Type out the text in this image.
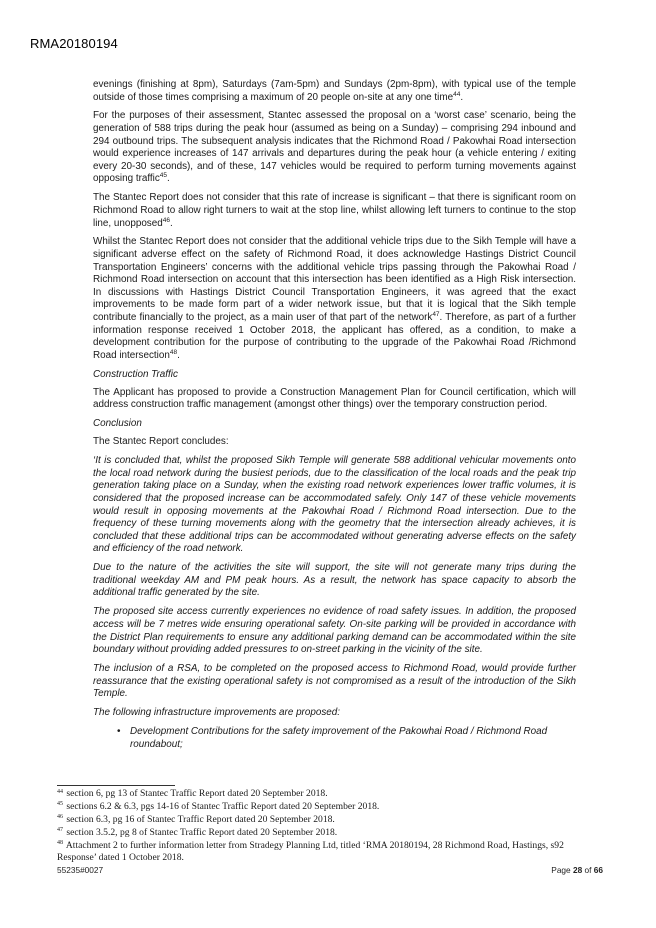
RMA20180194

evenings (finishing at 8pm), Saturdays (7am-5pm) and Sundays (2pm-8pm), with typical use of the temple outside of those times comprising a maximum of 20 people on-site at any one time$^{44}$.

For the purposes of their assessment, Stantec assessed the proposal on a ‘worst case’ scenario, being the generation of 588 trips during the peak hour (assumed as being on a Sunday) – comprising 294 inbound and 294 outbound trips. The subsequent analysis indicates that the Richmond Road / Pakowhai Road intersection would experience increases of 147 arrivals and departures during the peak hour (a vehicle entering / exiting every 20-30 seconds), and of these, 147 vehicles would be required to perform turning movements against opposing traffic$^{45}$.

The Stantec Report does not consider that this rate of increase is significant – that there is significant room on Richmond Road to allow right turners to wait at the stop line, whilst allowing left turners to continue to the stop line, unopposed$^{46}$.

Whilst the Stantec Report does not consider that the additional vehicle trips due to the Sikh Temple will have a significant adverse effect on the safety of Richmond Road, it does acknowledge Hastings District Council Transportation Engineers’ concerns with the additional vehicle trips passing through the Pakowhai Road / Richmond Road intersection on account that this intersection has been identified as a High Risk intersection. In discussions with Hastings District Council Transportation Engineers, it was agreed that the exact improvements to be made form part of a wider network issue, but that it is logical that the Sikh temple contribute financially to the project, as a main user of that part of the network$^{47}$. Therefore, as part of a further information response received 1 October 2018, the applicant has offered, as a condition, to make a development contribution for the purpose of contributing to the upgrade of the Pakowhai Road /Richmond Road intersection$^{48}$.

Construction Traffic

The Applicant has proposed to provide a Construction Management Plan for Council certification, which will address construction traffic management (amongst other things) over the temporary construction period.

Conclusion

The Stantec Report concludes:

‘It is concluded that, whilst the proposed Sikh Temple will generate 588 additional vehicular movements onto the local road network during the busiest periods, due to the classification of the local roads and the peak trip generation taking place on a Sunday, when the existing road network experiences lower traffic volumes, it is considered that the proposed increase can be accommodated safely. Only 147 of these vehicle movements would result in opposing movements at the Pakowhai Road / Richmond Road intersection. Due to the frequency of these turning movements along with the geometry that the intersection already achieves, it is concluded that these additional trips can be accommodated without generating adverse effects on the safety and efficiency of the road network.

Due to the nature of the activities the site will support, the site will not generate many trips during the traditional weekday AM and PM peak hours. As a result, the network has space capacity to absorb the additional traffic generated by the site.

The proposed site access currently experiences no evidence of road safety issues. In addition, the proposed access will be 7 metres wide ensuring operational safety. On-site parking will be provided in accordance with the District Plan requirements to ensure any additional parking demand can be accommodated within the site boundary without providing added pressures to on-street parking in the vicinity of the site.

The inclusion of a RSA, to be completed on the proposed access to Richmond Road, would provide further reassurance that the existing operational safety is not compromised as a result of the introduction of the Sikh Temple.

The following infrastructure improvements are proposed:

• Development Contributions for the safety improvement of the Pakowhai Road / Richmond Road roundabout;
$^{44}$ section 6, pg 13 of Stantec Traffic Report dated 20 September 2018.
$^{45}$ sections 6.2 & 6.3, pgs 14-16 of Stantec Traffic Report dated 20 September 2018.
$^{46}$ section 6.3, pg 16 of Stantec Traffic Report dated 20 September 2018.
$^{47}$ section 3.5.2, pg 8 of Stantec Traffic Report dated 20 September 2018.
$^{48}$ Attachment 2 to further information letter from Stradegy Planning Ltd, titled ‘RMA 20180194, 28 Richmond Road, Hastings, s92 Response’ dated 1 October 2018.
55235#0027	Page 28 of 66
